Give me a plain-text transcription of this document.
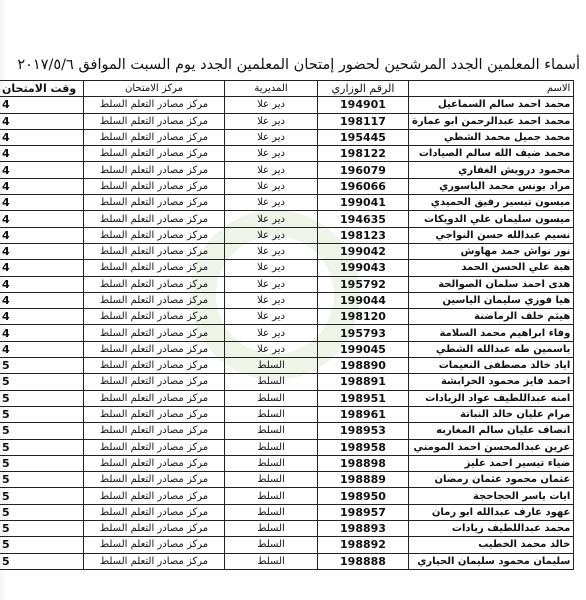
أسماء المعلمين الجدد المرشحين لحضور إمتحان المعلمين الجدد يوم السبت الموافق ٢٠١٧/٥/٦
الاسم	الرقم الوزاري	المديرية	مركز الامتحان	وقت الامتحان
محمد احمد سالم السماعيل	194901	دير علا	مركز مصادر التعلم السلط	4
محمد احمد عبدالرحمن ابو عمارة	198117	دير علا	مركز مصادر التعلم السلط	4
محمد جميل محمد الشطي	195445	دير علا	مركز مصادر التعلم السلط	4
محمد ضيف الله سالم الصيادات	198122	دير علا	مركز مصادر التعلم السلط	4
محمود درويش الغفاري	196079	دير علا	مركز مصادر التعلم السلط	4
مراد يونس محمد الياسوري	196066	دير علا	مركز مصادر التعلم السلط	4
ميسون تيسير رفيق الحميدي	199041	دير علا	مركز مصادر التعلم السلط	4
ميسون سليمان علي الدويكات	194635	دير علا	مركز مصادر التعلم السلط	4
نسيم عبدالله حسن النواجي	198123	دير علا	مركز مصادر التعلم السلط	4
نور نواش حمد مهاوش	199042	دير علا	مركز مصادر التعلم السلط	4
هبة علي الحسن الحمد	199043	دير علا	مركز مصادر التعلم السلط	4
هدى احمد سلمان الصوالحة	195792	دير علا	مركز مصادر التعلم السلط	4
هيا فوزي سليمان الياسين	199044	دير علا	مركز مصادر التعلم السلط	4
هيثم خلف الرماضنة	198120	دير علا	مركز مصادر التعلم السلط	4
وفاء ابراهيم محمد السلامة	195793	دير علا	مركز مصادر التعلم السلط	4
ياسمين طه عبدالله الشطي	199045	دير علا	مركز مصادر التعلم السلط	4
اياد خالد مصطفى النعيمات	198890	السلط	مركز مصادر التعلم السلط	5
احمد فايز محمود الخرابشة	198891	السلط	مركز مصادر التعلم السلط	5
امنه عبداللطيف عواد الزيادات	198951	السلط	مركز مصادر التعلم السلط	5
مرام عليان خالد النباتة	198961	السلط	مركز مصادر التعلم السلط	5
انصاف عليان سالم المغاربه	198953	السلط	مركز مصادر التعلم السلط	5
عرين عبدالمحسن احمد المومني	198958	السلط	مركز مصادر التعلم السلط	5
ضياء تيسير احمد عليز	198898	السلط	مركز مصادر التعلم السلط	5
عثمان محمود عثمان رمضان	198889	السلط	مركز مصادر التعلم السلط	5
ايات ياسر الحجاحجة	198950	السلط	مركز مصادر التعلم السلط	5
عهود عارف عبدالله ابو رمان	198957	السلط	مركز مصادر التعلم السلط	5
محمد عبداللطيف زيادات	198893	السلط	مركز مصادر التعلم السلط	5
خالد محمد الخطيب	198892	السلط	مركز مصادر التعلم السلط	5
سليمان محمود سليمان الحياري	198888	السلط	مركز مصادر التعلم السلط	5
